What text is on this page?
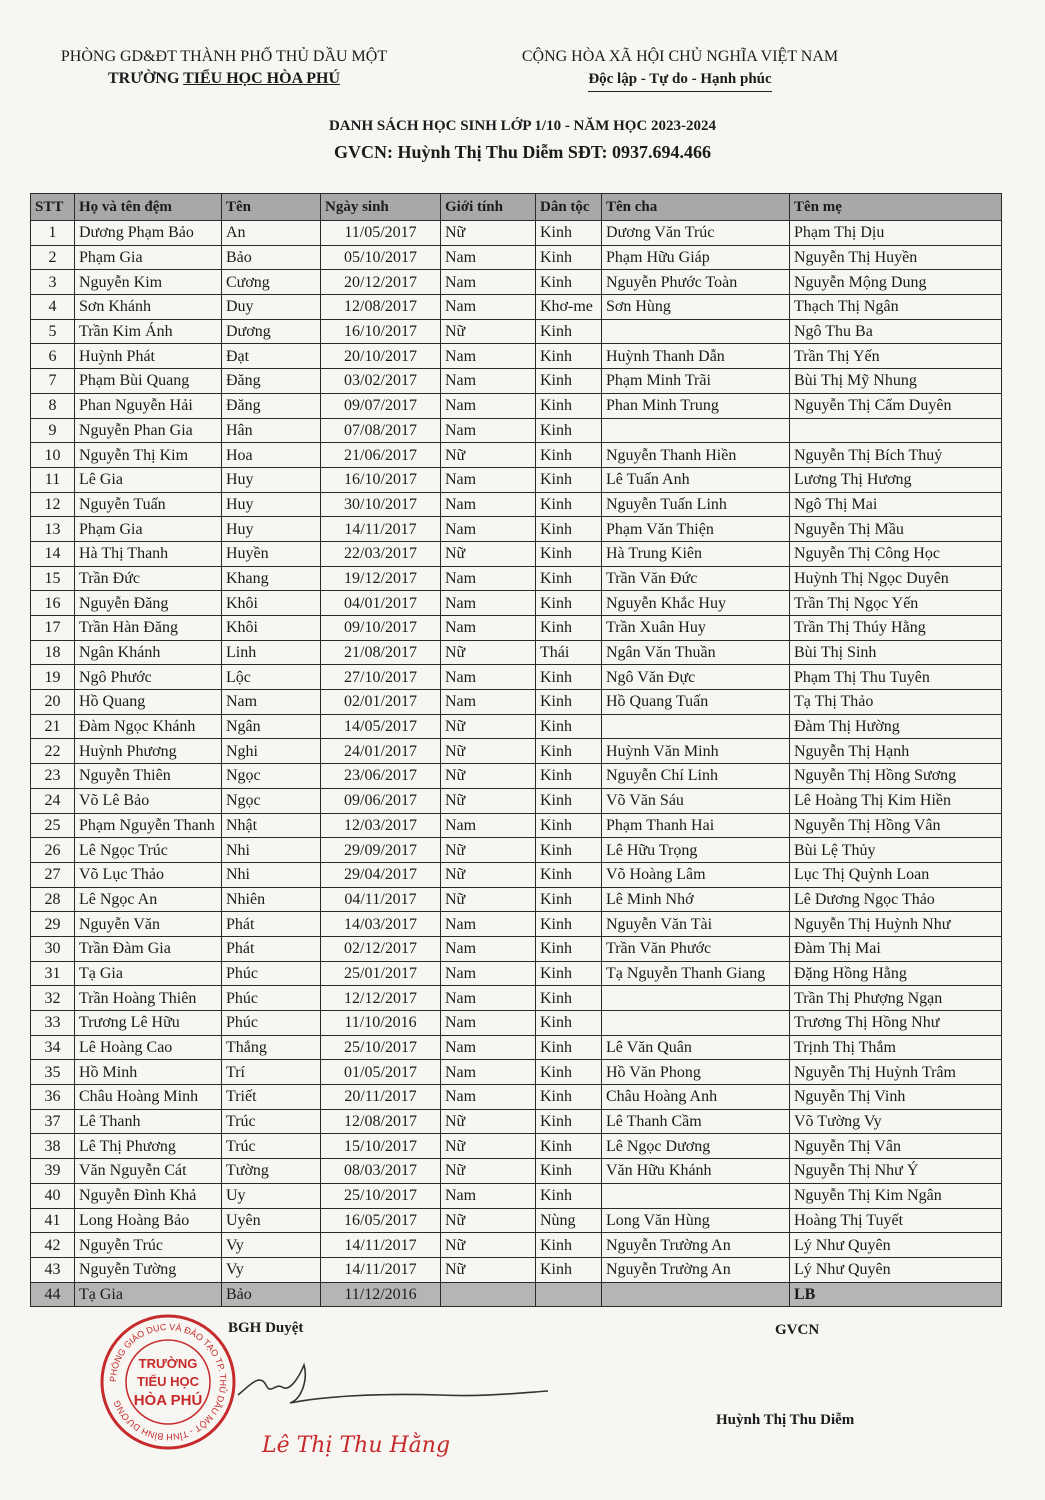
PHÒNG GD&ĐT THÀNH PHỐ THỦ DẦU MỘT
TRƯỜNG TIỂU HỌC HÒA PHÚ
CỘNG HÒA XÃ HỘI CHỦ NGHĨA VIỆT NAM
Độc lập - Tự do - Hạnh phúc
DANH SÁCH HỌC SINH LỚP 1/10 - NĂM HỌC 2023-2024
GVCN: Huỳnh Thị Thu Diễm SĐT: 0937.694.466
STT	Họ và tên đệm	Tên	Ngày sinh	Giới tính	Dân tộc	Tên cha	Tên mẹ
1	Dương Phạm Bảo	An	11/05/2017	Nữ	Kinh	Dương Văn Trúc	Phạm Thị Dịu
2	Phạm Gia	Bảo	05/10/2017	Nam	Kinh	Phạm Hữu Giáp	Nguyễn Thị Huyền
3	Nguyễn Kim	Cương	20/12/2017	Nam	Kinh	Nguyễn Phước Toàn	Nguyễn Mộng Dung
4	Sơn Khánh	Duy	12/08/2017	Nam	Khơ-me	Sơn Hùng	Thạch Thị Ngân
5	Trần Kim Ánh	Dương	16/10/2017	Nữ	Kinh		Ngô Thu Ba
6	Huỳnh Phát	Đạt	20/10/2017	Nam	Kinh	Huỳnh Thanh Dẫn	Trần Thị Yến
7	Phạm Bùi Quang	Đăng	03/02/2017	Nam	Kinh	Phạm Minh Trãi	Bùi Thị Mỹ Nhung
8	Phan Nguyễn Hải	Đăng	09/07/2017	Nam	Kinh	Phan Minh Trung	Nguyễn Thị Cẩm Duyên
9	Nguyễn Phan Gia	Hân	07/08/2017	Nam	Kinh		
10	Nguyễn Thị Kim	Hoa	21/06/2017	Nữ	Kinh	Nguyễn Thanh Hiền	Nguyễn Thị Bích Thuỷ
11	Lê Gia	Huy	16/10/2017	Nam	Kinh	Lê Tuấn Anh	Lương Thị Hương
12	Nguyễn Tuấn	Huy	30/10/2017	Nam	Kinh	Nguyễn Tuấn Linh	Ngô Thị Mai
13	Phạm Gia	Huy	14/11/2017	Nam	Kinh	Phạm Văn Thiện	Nguyễn Thị Mầu
14	Hà Thị Thanh	Huyền	22/03/2017	Nữ	Kinh	Hà Trung Kiên	Nguyễn Thị Công Học
15	Trần Đức	Khang	19/12/2017	Nam	Kinh	Trần Văn Đức	Huỳnh Thị Ngọc Duyên
16	Nguyễn Đăng	Khôi	04/01/2017	Nam	Kinh	Nguyễn Khắc Huy	Trần Thị Ngọc Yến
17	Trần Hàn Đăng	Khôi	09/10/2017	Nam	Kinh	Trần Xuân Huy	Trần Thị Thúy Hằng
18	Ngân Khánh	Linh	21/08/2017	Nữ	Thái	Ngân Văn Thuần	Bùi Thị Sinh
19	Ngô Phước	Lộc	27/10/2017	Nam	Kinh	Ngô Văn Đực	Phạm Thị Thu Tuyên
20	Hồ Quang	Nam	02/01/2017	Nam	Kinh	Hồ Quang Tuấn	Tạ Thị Thảo
21	Đàm Ngọc Khánh	Ngân	14/05/2017	Nữ	Kinh		Đàm Thị Hường
22	Huỳnh Phương	Nghi	24/01/2017	Nữ	Kinh	Huỳnh Văn Minh	Nguyễn Thị Hạnh
23	Nguyễn Thiên	Ngọc	23/06/2017	Nữ	Kinh	Nguyễn Chí Linh	Nguyễn Thị Hồng Sương
24	Võ Lê Bảo	Ngọc	09/06/2017	Nữ	Kinh	Võ Văn Sáu	Lê Hoàng Thị Kim Hiền
25	Phạm Nguyễn Thanh	Nhật	12/03/2017	Nam	Kinh	Phạm Thanh Hai	Nguyễn Thị Hồng Vân
26	Lê Ngọc Trúc	Nhi	29/09/2017	Nữ	Kinh	Lê Hữu Trọng	Bùi Lệ Thủy
27	Võ Lục Thảo	Nhi	29/04/2017	Nữ	Kinh	Võ Hoàng Lâm	Lục Thị Quỳnh Loan
28	Lê Ngọc An	Nhiên	04/11/2017	Nữ	Kinh	Lê Minh Nhớ	Lê Dương Ngọc Thảo
29	Nguyễn Văn	Phát	14/03/2017	Nam	Kinh	Nguyễn Văn Tài	Nguyễn Thị Huỳnh Như
30	Trần Đàm Gia	Phát	02/12/2017	Nam	Kinh	Trần Văn Phước	Đàm Thị Mai
31	Tạ Gia	Phúc	25/01/2017	Nam	Kinh	Tạ Nguyễn Thanh Giang	Đặng Hồng Hằng
32	Trần Hoàng Thiên	Phúc	12/12/2017	Nam	Kinh		Trần Thị Phượng Ngạn
33	Trương Lê Hữu	Phúc	11/10/2016	Nam	Kinh		Trương Thị Hồng Như
34	Lê Hoàng Cao	Thắng	25/10/2017	Nam	Kinh	Lê Văn Quân	Trịnh Thị Thắm
35	Hồ Minh	Trí	01/05/2017	Nam	Kinh	Hồ Văn Phong	Nguyễn Thị Huỳnh Trâm
36	Châu Hoàng Minh	Triết	20/11/2017	Nam	Kinh	Châu Hoàng Anh	Nguyễn Thị Vinh
37	Lê Thanh	Trúc	12/08/2017	Nữ	Kinh	Lê Thanh Cầm	Võ Tường Vy
38	Lê Thị Phương	Trúc	15/10/2017	Nữ	Kinh	Lê Ngọc Dương	Nguyễn Thị Vân
39	Văn Nguyễn Cát	Tường	08/03/2017	Nữ	Kinh	Văn Hữu Khánh	Nguyễn Thị Như Ý
40	Nguyễn Đình Khả	Uy	25/10/2017	Nam	Kinh		Nguyễn Thị Kim Ngân
41	Long Hoàng Bảo	Uyên	16/05/2017	Nữ	Nùng	Long Văn Hùng	Hoàng Thị Tuyết
42	Nguyễn Trúc	Vy	14/11/2017	Nữ	Kinh	Nguyễn Trường An	Lý Như Quyên
43	Nguyễn Tường	Vy	14/11/2017	Nữ	Kinh	Nguyễn Trường An	Lý Như Quyên
44	Tạ Gia	Bảo	11/12/2016				LB
PHÒNG GIÁO DỤC VÀ ĐÀO TẠO TP. THỦ DẦU MỘT - TỈNH BÌNH DƯƠNG
TRƯỜNG
TIỂU HỌC
HÒA PHÚ
BGH Duyệt	GVCN
Lê Thị Thu Hằng
Huỳnh Thị Thu Diễm
